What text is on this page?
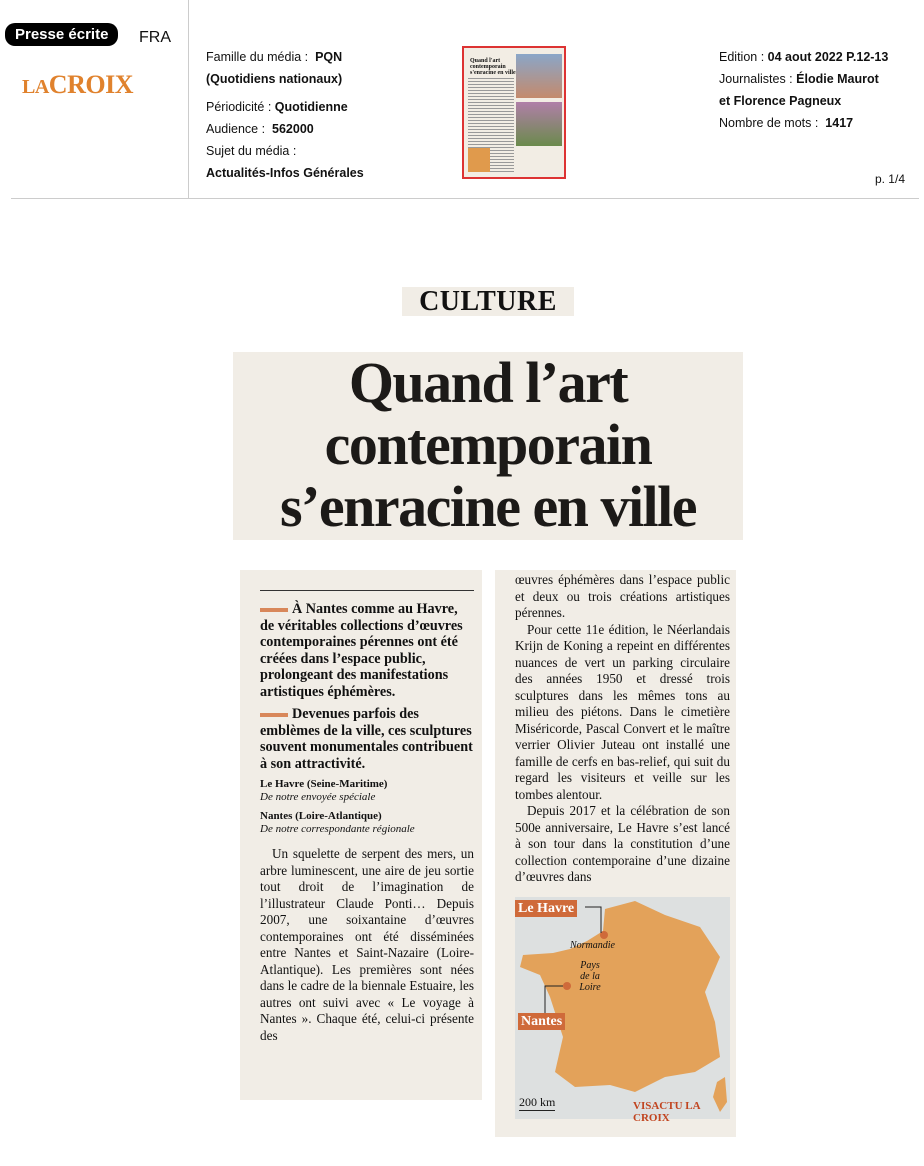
Presse écrite	FRA
LACROIX
Famille du média : PQN
(Quotidiens nationaux)
Périodicité : Quotidienne
Audience : 562000
Sujet du média :
Actualités-Infos Générales
Quand l'art contemporain s'enracine en ville
Edition : 04 aout 2022 P.12-13
Journalistes : Élodie Maurot
et Florence Pagneux
Nombre de mots : 1417
p. 1/4
CULTURE
Quand l’art contemporain s’enracine en ville
À Nantes comme au Havre, de véritables collections d’œuvres contemporaines pérennes ont été créées dans l’espace public, prolongeant des manifestations artistiques éphémères.
Devenues parfois des emblèmes de la ville, ces sculptures souvent monumentales contribuent à son attractivité.
Le Havre (Seine-Maritime)
De notre envoyée spéciale
Nantes (Loire-Atlantique)
De notre correspondante régionale

Un squelette de serpent des mers, un arbre luminescent, une aire de jeu sortie tout droit de l’imagination de l’illustrateur Claude Ponti… Depuis 2007, une soixantaine d’œuvres contemporaines ont été disséminées entre Nantes et Saint-Nazaire (Loire-Atlantique). Les premières sont nées dans le cadre de la biennale Estuaire, les autres ont suivi avec « Le voyage à Nantes ». Chaque été, celui-ci présente des

œuvres éphémères dans l’espace public et deux ou trois créations artistiques pérennes.

Pour cette 11e édition, le Néerlandais Krijn de Koning a repeint en différentes nuances de vert un parking circulaire des années 1950 et dressé trois sculptures dans les mêmes tons au milieu des piétons. Dans le cimetière Miséricorde, Pascal Convert et le maître verrier Olivier Juteau ont installé une famille de cerfs en bas-relief, qui suit du regard les visiteurs et veille sur les tombes alentour.

Depuis 2017 et la célébration de son 500e anniversaire, Le Havre s’est lancé à son tour dans la constitution d’une collection contemporaine d’une dizaine d’œuvres dans

Le Havre
Normandie
Pays de la Loire
Nantes
200 km	VISACTU LA CROIX
